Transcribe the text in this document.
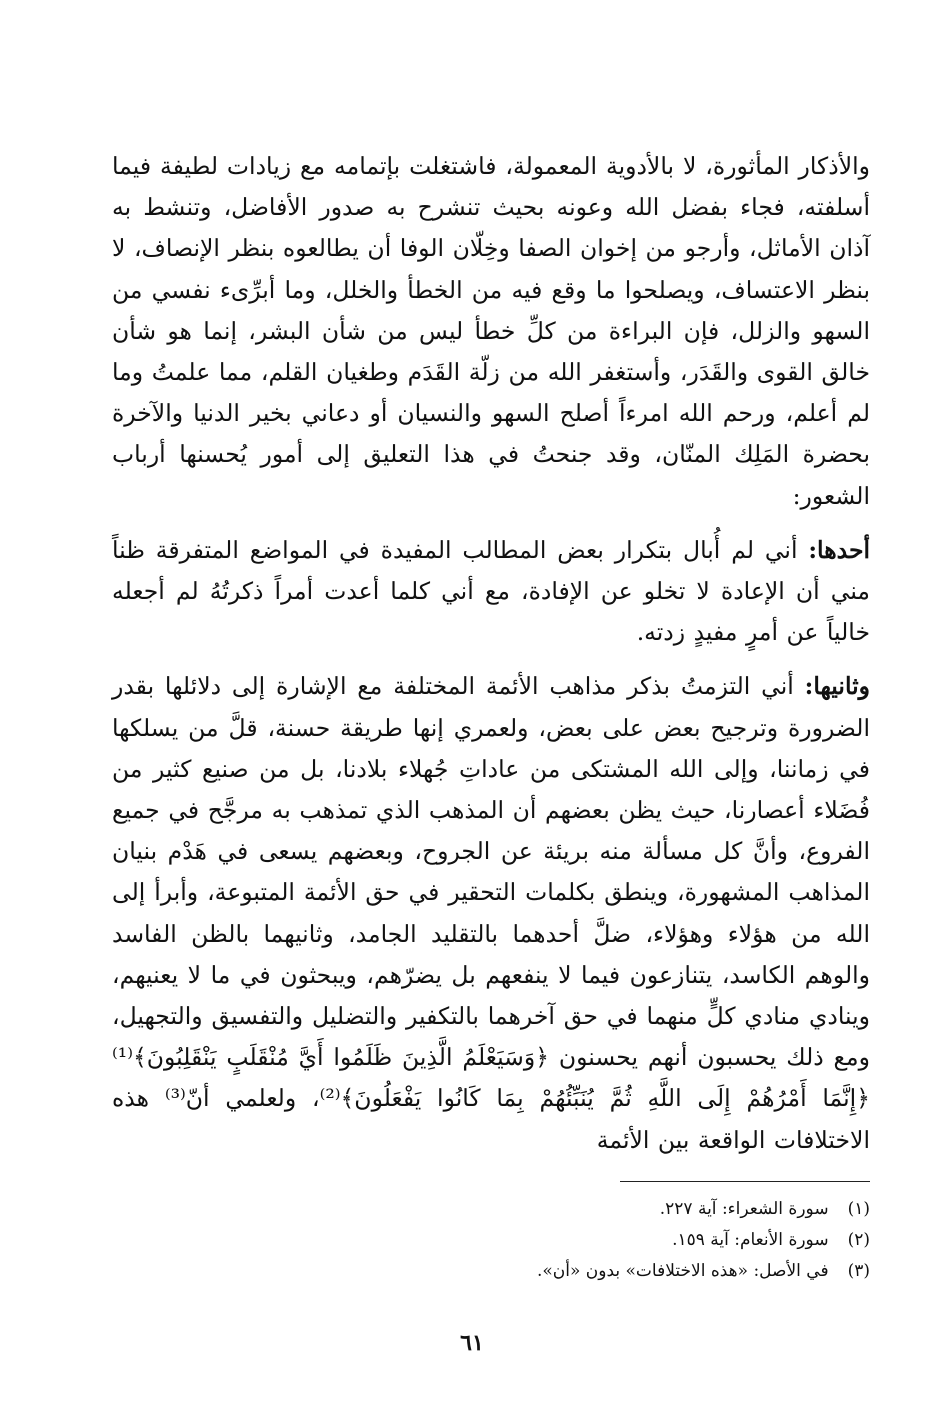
والأذكار المأثورة، لا بالأدوية المعمولة، فاشتغلت بإتمامه مع زيادات لطيفة فيما أسلفته، فجاء بفضل الله وعونه بحيث تنشرح به صدور الأفاضل، وتنشط به آذان الأماثل، وأرجو من إخوان الصفا وخِلّان الوفا أن يطالعوه بنظر الإنصاف، لا بنظر الاعتساف، ويصلحوا ما وقع فيه من الخطأ والخلل، وما أبرِّىء نفسي من السهو والزلل، فإن البراءة من كلِّ خطأ ليس من شأن البشر، إنما هو شأن خالق القوى والقَدَر، وأستغفر الله من زلّة القَدَم وطغيان القلم، مما علمتُ وما لم أعلم، ورحم الله امرءاً أصلح السهو والنسيان أو دعاني بخير الدنيا والآخرة بحضرة المَلِك المنّان، وقد جنحتُ في هذا التعليق إلى أمور يُحسنها أرباب الشعور:

أحدها: أني لم أُبال بتكرار بعض المطالب المفيدة في المواضع المتفرقة ظناً مني أن الإعادة لا تخلو عن الإفادة، مع أني كلما أعدت أمراً ذكرتُهُ لم أجعله خالياً عن أمرٍ مفيدٍ زدته.

وثانيها: أني التزمتُ بذكر مذاهب الأئمة المختلفة مع الإشارة إلى دلائلها بقدر الضرورة وترجيح بعض على بعض، ولعمري إنها طريقة حسنة، قلَّ من يسلكها في زماننا، وإلى الله المشتكى من عاداتِ جُهلاء بلادنا، بل من صنيع كثير من فُضَلاء أعصارنا، حيث يظن بعضهم أن المذهب الذي تمذهب به مرجَّح في جميع الفروع، وأنَّ كل مسألة منه بريئة عن الجروح، وبعضهم يسعى في هَدْم بنيان المذاهب المشهورة، وينطق بكلمات التحقير في حق الأئمة المتبوعة، وأبرأ إلى الله من هؤلاء وهؤلاء، ضلَّ أحدهما بالتقليد الجامد، وثانيهما بالظن الفاسد والوهم الكاسد، يتنازعون فيما لا ينفعهم بل يضرّهم، ويبحثون في ما لا يعنيهم، وينادي منادي كلٍّ منهما في حق آخرهما بالتكفير والتضليل والتفسيق والتجهيل، ومع ذلك يحسبون أنهم يحسنون ﴿وَسَيَعْلَمُ الَّذِينَ ظَلَمُوا أَيَّ مُنْقَلَبٍ يَنْقَلِبُونَ﴾⁽¹⁾ ﴿إِنَّمَا أَمْرُهُمْ إِلَى اللَّهِ ثُمَّ يُنَبِّئُهُمْ بِمَا كَانُوا يَفْعَلُونَ﴾⁽²⁾، ولعلمي أنّ⁽³⁾ هذه الاختلافات الواقعة بين الأئمة

(١) سورة الشعراء: آية ٢٢٧.

(٢) سورة الأنعام: آية ١٥٩.

(٣) في الأصل: «هذه الاختلافات» بدون «أن».

٦١
